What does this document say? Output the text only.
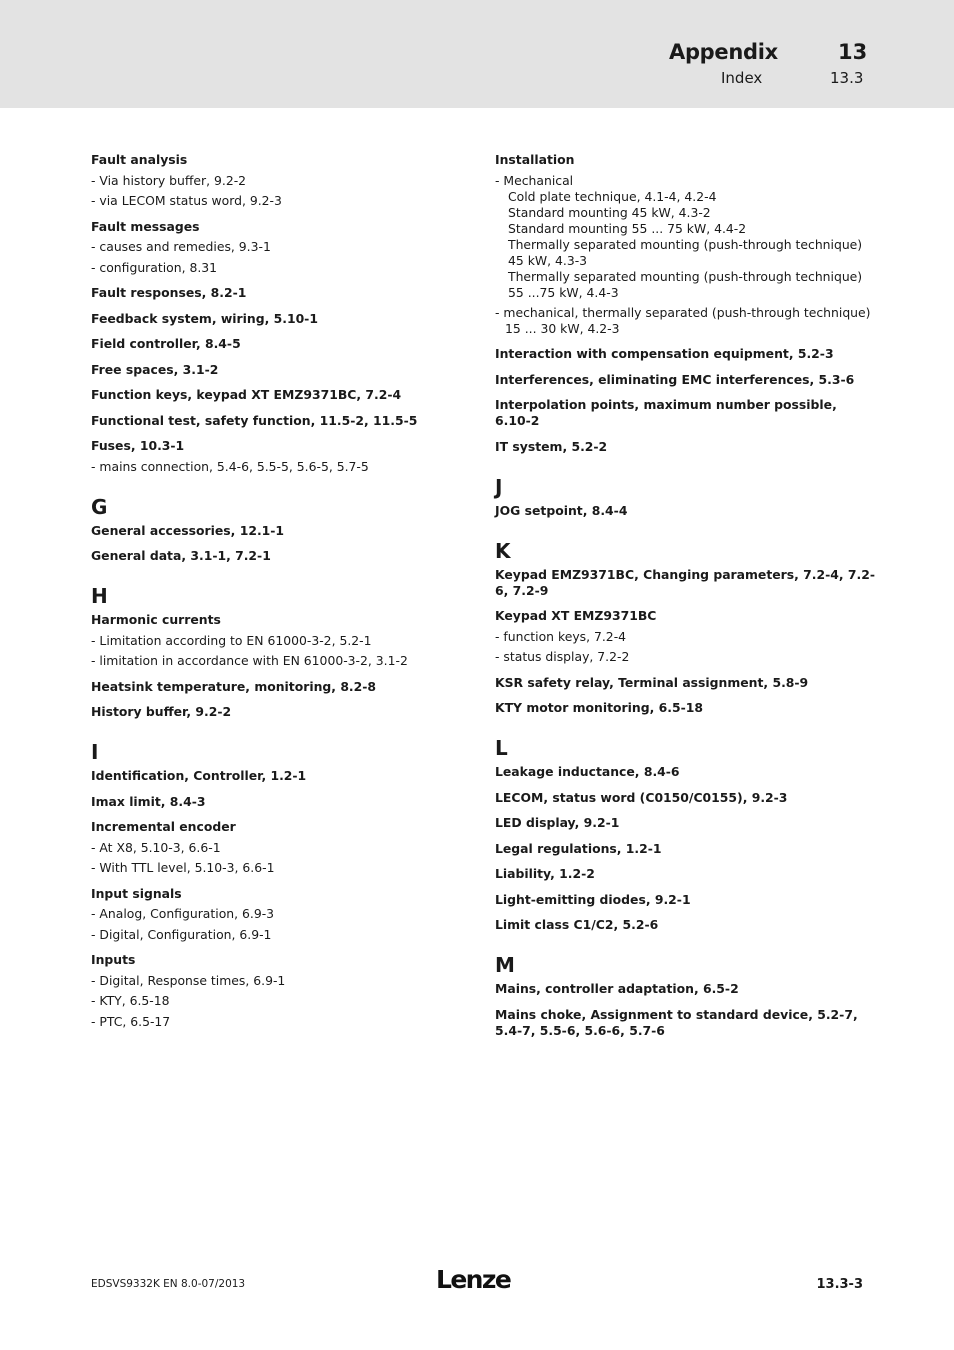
Appendix	13
Index	13.3
Fault analysis
- Via history buffer, 9.2-2
- via LECOM status word, 9.2-3
Fault messages
- causes and remedies, 9.3-1
- configuration, 8.31
Fault responses, 8.2-1
Feedback system, wiring, 5.10-1
Field controller, 8.4-5
Free spaces, 3.1-2
Function keys, keypad XT EMZ9371BC, 7.2-4
Functional test, safety function, 11.5-2, 11.5-5
Fuses, 10.3-1
- mains connection, 5.4-6, 5.5-5, 5.6-5, 5.7-5
G
General accessories, 12.1-1
General data, 3.1-1, 7.2-1
H
Harmonic currents
- Limitation according to EN 61000-3-2, 5.2-1
- limitation in accordance with EN 61000-3-2, 3.1-2
Heatsink temperature, monitoring, 8.2-8
History buffer, 9.2-2
I
Identification, Controller, 1.2-1
Imax limit, 8.4-3
Incremental encoder
- At X8, 5.10-3, 6.6-1
- With TTL level, 5.10-3, 6.6-1
Input signals
- Analog, Configuration, 6.9-3
- Digital, Configuration, 6.9-1
Inputs
- Digital, Response times, 6.9-1
- KTY, 6.5-18
- PTC, 6.5-17
Installation
- Mechanical
Cold plate technique, 4.1-4, 4.2-4
Standard mounting 45 kW, 4.3-2
Standard mounting 55 ... 75 kW, 4.4-2
Thermally separated mounting (push-through technique) 45 kW, 4.3-3
Thermally separated mounting (push-through technique) 55 ...75 kW, 4.4-3
- mechanical, thermally separated (push-through technique) 15 ... 30 kW, 4.2-3
Interaction with compensation equipment, 5.2-3
Interferences, eliminating EMC interferences, 5.3-6
Interpolation points, maximum number possible, 6.10-2
IT system, 5.2-2
J
JOG setpoint, 8.4-4
K
Keypad EMZ9371BC, Changing parameters, 7.2-4, 7.2-6, 7.2-9
Keypad XT EMZ9371BC
- function keys, 7.2-4
- status display, 7.2-2
KSR safety relay, Terminal assignment, 5.8-9
KTY motor monitoring, 6.5-18
L
Leakage inductance, 8.4-6
LECOM, status word (C0150/C0155), 9.2-3
LED display, 9.2-1
Legal regulations, 1.2-1
Liability, 1.2-2
Light-emitting diodes, 9.2-1
Limit class C1/C2, 5.2-6
M
Mains, controller adaptation, 6.5-2
Mains choke, Assignment to standard device, 5.2-7, 5.4-7, 5.5-6, 5.6-6, 5.7-6
EDSVS9332K EN 8.0-07/2013	Lenze	13.3-3
